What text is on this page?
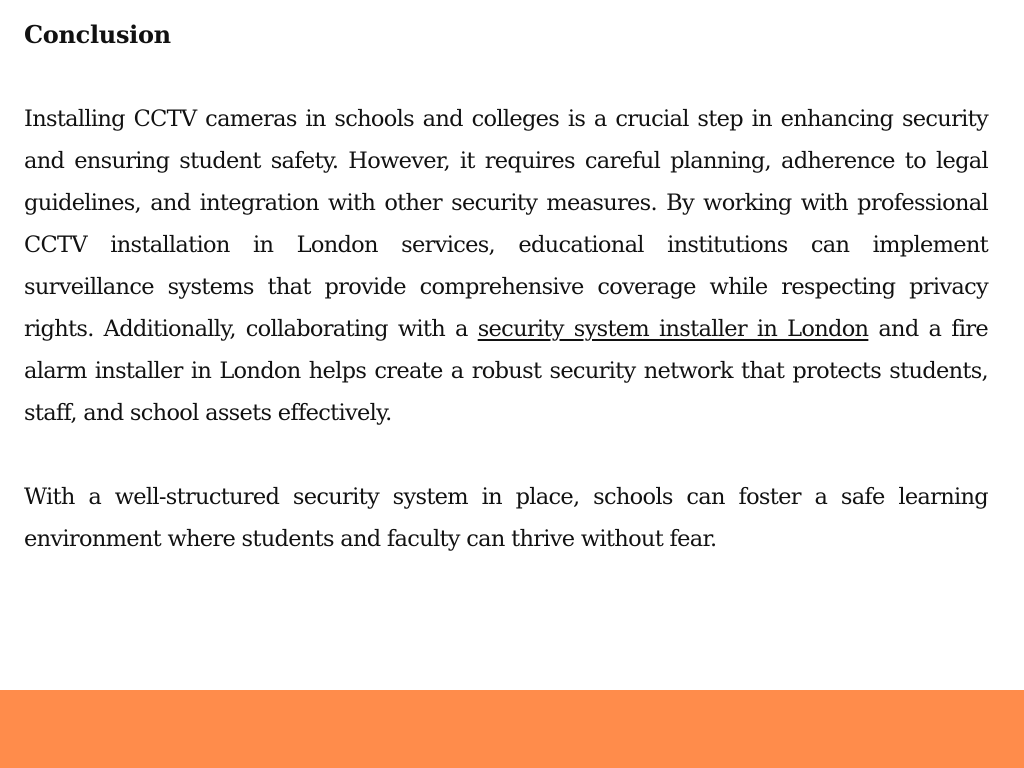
Conclusion

Installing CCTV cameras in schools and colleges is a crucial step in enhancing security and ensuring student safety. However, it requires careful planning, adherence to legal guidelines, and integration with other security measures. By working with professional CCTV installation in London services, educational institutions can implement surveillance systems that provide comprehensive coverage while respecting privacy rights. Additionally, collaborating with a security system installer in London and a fire alarm installer in London helps create a robust security network that protects students, staff, and school assets effectively.

With a well-structured security system in place, schools can foster a safe learning environment where students and faculty can thrive without fear.
